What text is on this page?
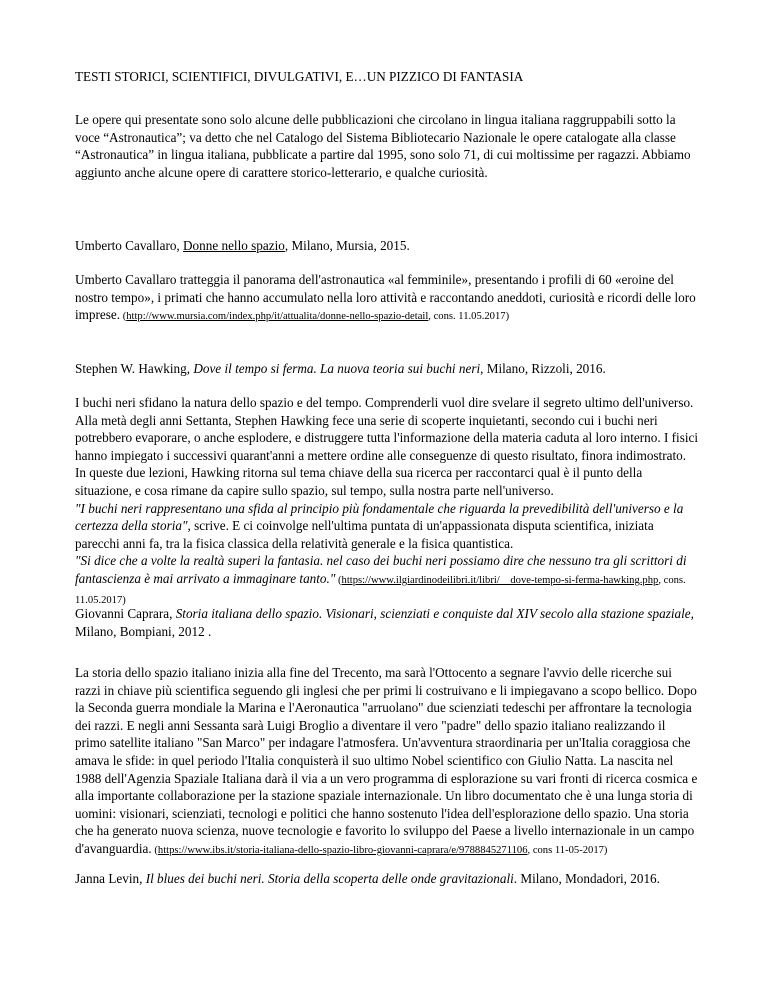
TESTI STORICI, SCIENTIFICI, DIVULGATIVI, E…UN PIZZICO DI FANTASIA

Le opere qui presentate sono solo alcune delle pubblicazioni che circolano in lingua italiana raggruppabili sotto la voce “Astronautica”; va detto che nel Catalogo del Sistema Bibliotecario Nazionale le opere catalogate alla classe “Astronautica” in lingua italiana, pubblicate a partire dal 1995, sono solo 71, di cui moltissime per ragazzi. Abbiamo aggiunto anche alcune opere di carattere storico-letterario, e qualche curiosità.

Umberto Cavallaro, Donne nello spazio, Milano, Mursia, 2015.

Umberto Cavallaro tratteggia il panorama dell'astronautica «al femminile», presentando i profili di 60 «eroine del nostro tempo», i primati che hanno accumulato nella loro attività e raccontando aneddoti, curiosità e ricordi delle loro imprese. (http://www.mursia.com/index.php/it/attualita/donne-nello-spazio-detail, cons. 11.05.2017)

Stephen W. Hawking, Dove il tempo si ferma. La nuova teoria sui buchi neri, Milano, Rizzoli, 2016.

I buchi neri sfidano la natura dello spazio e del tempo. Comprenderli vuol dire svelare il segreto ultimo dell'universo. Alla metà degli anni Settanta, Stephen Hawking fece una serie di scoperte inquietanti, secondo cui i buchi neri potrebbero evaporare, o anche esplodere, e distruggere tutta l'informazione della materia caduta al loro interno. I fisici hanno impiegato i successivi quarant'anni a mettere ordine alle conseguenze di questo risultato, finora indimostrato. In queste due lezioni, Hawking ritorna sul tema chiave della sua ricerca per raccontarci qual è il punto della situazione, e cosa rimane da capire sullo spazio, sul tempo, sulla nostra parte nell'universo.
"I buchi neri rappresentano una sfida al principio più fondamentale che riguarda la prevedibilità dell'universo e la certezza della storia", scrive. E ci coinvolge nell'ultima puntata di un'appassionata disputa scientifica, iniziata parecchi anni fa, tra la fisica classica della relatività generale e la fisica quantistica.
"Si dice che a volte la realtà superi la fantasia. nel caso dei buchi neri possiamo dire che nessuno tra gli scrittori di fantascienza è mai arrivato a immaginare tanto." (https://www.ilgiardinodeilibri.it/libri/__dove-tempo-si-ferma-hawking.php, cons. 11.05.2017)

Giovanni Caprara, Storia italiana dello spazio. Visionari, scienziati e conquiste dal XIV secolo alla stazione spaziale, Milano, Bompiani, 2012 .

La storia dello spazio italiano inizia alla fine del Trecento, ma sarà l'Ottocento a segnare l'avvio delle ricerche sui razzi in chiave più scientifica seguendo gli inglesi che per primi li costruivano e li impiegavano a scopo bellico. Dopo la Seconda guerra mondiale la Marina e l'Aeronautica "arruolano" due scienziati tedeschi per affrontare la tecnologia dei razzi. E negli anni Sessanta sarà Luigi Broglio a diventare il vero "padre" dello spazio italiano realizzando il primo satellite italiano "San Marco" per indagare l'atmosfera. Un'avventura straordinaria per un'Italia coraggiosa che amava le sfide: in quel periodo l'Italia conquisterà il suo ultimo Nobel scientifico con Giulio Natta. La nascita nel 1988 dell'Agenzia Spaziale Italiana darà il via a un vero programma di esplorazione su vari fronti di ricerca cosmica e alla importante collaborazione per la stazione spaziale internazionale. Un libro documentato che è una lunga storia di uomini: visionari, scienziati, tecnologi e politici che hanno sostenuto l'idea dell'esplorazione dello spazio. Una storia che ha generato nuova scienza, nuove tecnologie e favorito lo sviluppo del Paese a livello internazionale in un campo d'avanguardia. (https://www.ibs.it/storia-italiana-dello-spazio-libro-giovanni-caprara/e/9788845271106, cons 11-05-2017)

Janna Levin, Il blues dei buchi neri. Storia della scoperta delle onde gravitazionali. Milano, Mondadori, 2016.
